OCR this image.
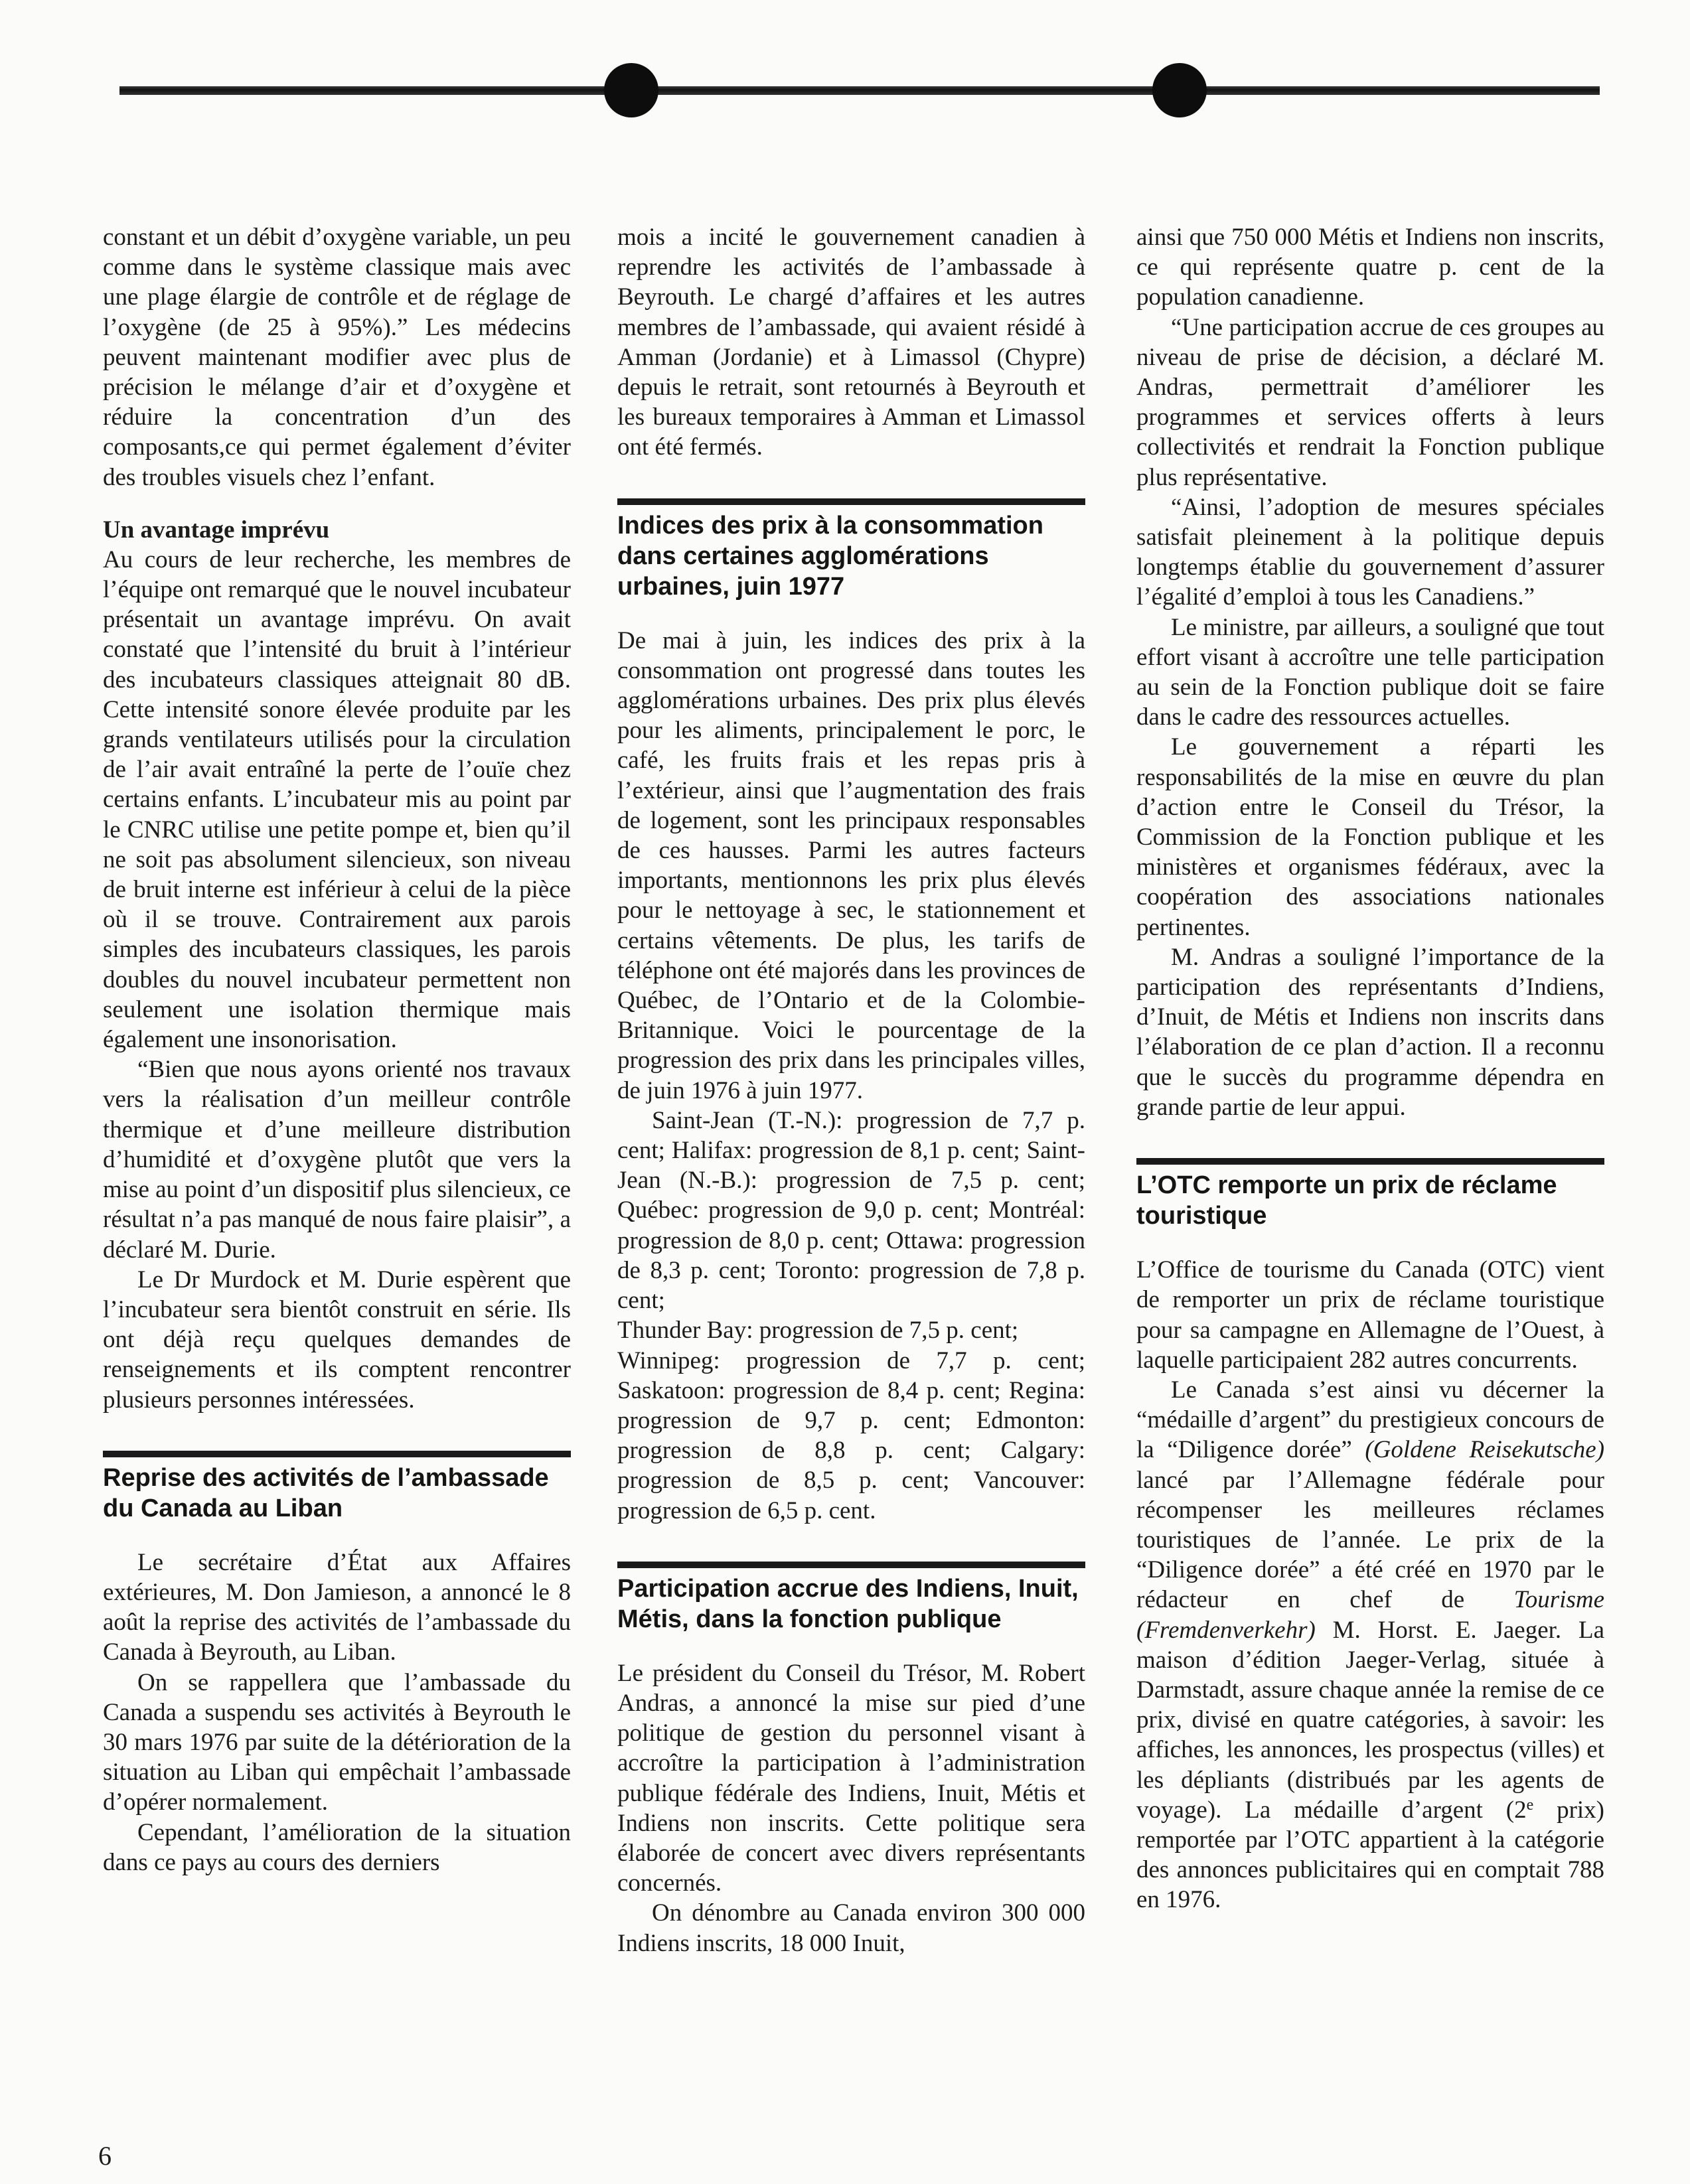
constant et un débit d’oxygène variable, un peu comme dans le système classique mais avec une plage élargie de contrôle et de réglage de l’oxygène (de 25 à 95%).” Les médecins peuvent maintenant modifier avec plus de précision le mélange d’air et d’oxygène et réduire la concentration d’un des composants,ce qui permet également d’éviter des troubles visuels chez l’enfant.

Un avantage imprévu

Au cours de leur recherche, les membres de l’équipe ont remarqué que le nouvel incubateur présentait un avantage imprévu. On avait constaté que l’intensité du bruit à l’intérieur des incubateurs classiques atteignait 80 dB. Cette intensité sonore élevée produite par les grands ventilateurs utilisés pour la circulation de l’air avait entraîné la perte de l’ouïe chez certains enfants. L’incubateur mis au point par le CNRC utilise une petite pompe et, bien qu’il ne soit pas absolument silencieux, son niveau de bruit interne est inférieur à celui de la pièce où il se trouve. Contrairement aux parois simples des incubateurs classiques, les parois doubles du nouvel incubateur permettent non seulement une isolation thermique mais également une insonorisation.

“Bien que nous ayons orienté nos travaux vers la réalisation d’un meilleur contrôle thermique et d’une meilleure distribution d’humidité et d’oxygène plutôt que vers la mise au point d’un dispositif plus silencieux, ce résultat n’a pas manqué de nous faire plaisir”, a déclaré M. Durie.

Le Dr Murdock et M. Durie espèrent que l’incubateur sera bientôt construit en série. Ils ont déjà reçu quelques demandes de renseignements et ils comptent rencontrer plusieurs personnes intéressées.

Reprise des activités de l’ambassade du Canada au Liban

Le secrétaire d’État aux Affaires extérieures, M. Don Jamieson, a annoncé le 8 août la reprise des activités de l’ambassade du Canada à Beyrouth, au Liban.

On se rappellera que l’ambassade du Canada a suspendu ses activités à Beyrouth le 30 mars 1976 par suite de la détérioration de la situation au Liban qui empêchait l’ambassade d’opérer normalement.

Cependant, l’amélioration de la situation dans ce pays au cours des derniers

mois a incité le gouvernement canadien à reprendre les activités de l’ambassade à Beyrouth. Le chargé d’affaires et les autres membres de l’ambassade, qui avaient résidé à Amman (Jordanie) et à Limassol (Chypre) depuis le retrait, sont retournés à Beyrouth et les bureaux temporaires à Amman et Limassol ont été fermés.

Indices des prix à la consommation dans certaines agglomérations urbaines, juin 1977

De mai à juin, les indices des prix à la consommation ont progressé dans toutes les agglomérations urbaines. Des prix plus élevés pour les aliments, principalement le porc, le café, les fruits frais et les repas pris à l’extérieur, ainsi que l’augmentation des frais de logement, sont les principaux responsables de ces hausses. Parmi les autres facteurs importants, mentionnons les prix plus élevés pour le nettoyage à sec, le stationnement et certains vêtements. De plus, les tarifs de téléphone ont été majorés dans les provinces de Québec, de l’Ontario et de la Colombie-Britannique. Voici le pourcentage de la progression des prix dans les principales villes, de juin 1976 à juin 1977.

Saint-Jean (T.-N.): progression de 7,7 p. cent; Halifax: progression de 8,1 p. cent; Saint-Jean (N.-B.): progression de 7,5 p. cent; Québec: progression de 9,0 p. cent; Montréal: progression de 8,0 p. cent; Ottawa: progression de 8,3 p. cent; Toronto: progression de 7,8 p. cent;

Thunder Bay: progression de 7,5 p. cent;

Winnipeg: progression de 7,7 p. cent; Saskatoon: progression de 8,4 p. cent; Regina: progression de 9,7 p. cent; Edmonton: progression de 8,8 p. cent; Calgary: progression de 8,5 p. cent; Vancouver: progression de 6,5 p. cent.

Participation accrue des Indiens, Inuit, Métis, dans la fonction publique

Le président du Conseil du Trésor, M. Robert Andras, a annoncé la mise sur pied d’une politique de gestion du personnel visant à accroître la participation à l’administration publique fédérale des Indiens, Inuit, Métis et Indiens non inscrits. Cette politique sera élaborée de concert avec divers représentants concernés.

On dénombre au Canada environ 300 000 Indiens inscrits, 18 000 Inuit,

ainsi que 750 000 Métis et Indiens non inscrits, ce qui représente quatre p. cent de la population canadienne.

“Une participation accrue de ces groupes au niveau de prise de décision, a déclaré M. Andras, permettrait d’améliorer les programmes et services offerts à leurs collectivités et rendrait la Fonction publique plus représentative.

“Ainsi, l’adoption de mesures spéciales satisfait pleinement à la politique depuis longtemps établie du gouvernement d’assurer l’égalité d’emploi à tous les Canadiens.”

Le ministre, par ailleurs, a souligné que tout effort visant à accroître une telle participation au sein de la Fonction publique doit se faire dans le cadre des ressources actuelles.

Le gouvernement a réparti les responsabilités de la mise en œuvre du plan d’action entre le Conseil du Trésor, la Commission de la Fonction publique et les ministères et organismes fédéraux, avec la coopération des associations nationales pertinentes.

M. Andras a souligné l’importance de la participation des représentants d’Indiens, d’Inuit, de Métis et Indiens non inscrits dans l’élaboration de ce plan d’action. Il a reconnu que le succès du programme dépendra en grande partie de leur appui.

L’OTC remporte un prix de réclame touristique

L’Office de tourisme du Canada (OTC) vient de remporter un prix de réclame touristique pour sa campagne en Allemagne de l’Ouest, à laquelle participaient 282 autres concurrents.

Le Canada s’est ainsi vu décerner la “médaille d’argent” du prestigieux concours de la “Diligence dorée” (Goldene Reisekutsche) lancé par l’Allemagne fédérale pour récompenser les meilleures réclames touristiques de l’année. Le prix de la “Diligence dorée” a été créé en 1970 par le rédacteur en chef de Tourisme (Fremdenverkehr) M. Horst. E. Jaeger. La maison d’édition Jaeger-Verlag, située à Darmstadt, assure chaque année la remise de ce prix, divisé en quatre catégories, à savoir: les affiches, les annonces, les prospectus (villes) et les dépliants (distribués par les agents de voyage). La médaille d’argent (2e prix) remportée par l’OTC appartient à la catégorie des annonces publicitaires qui en comptait 788 en 1976.

6
